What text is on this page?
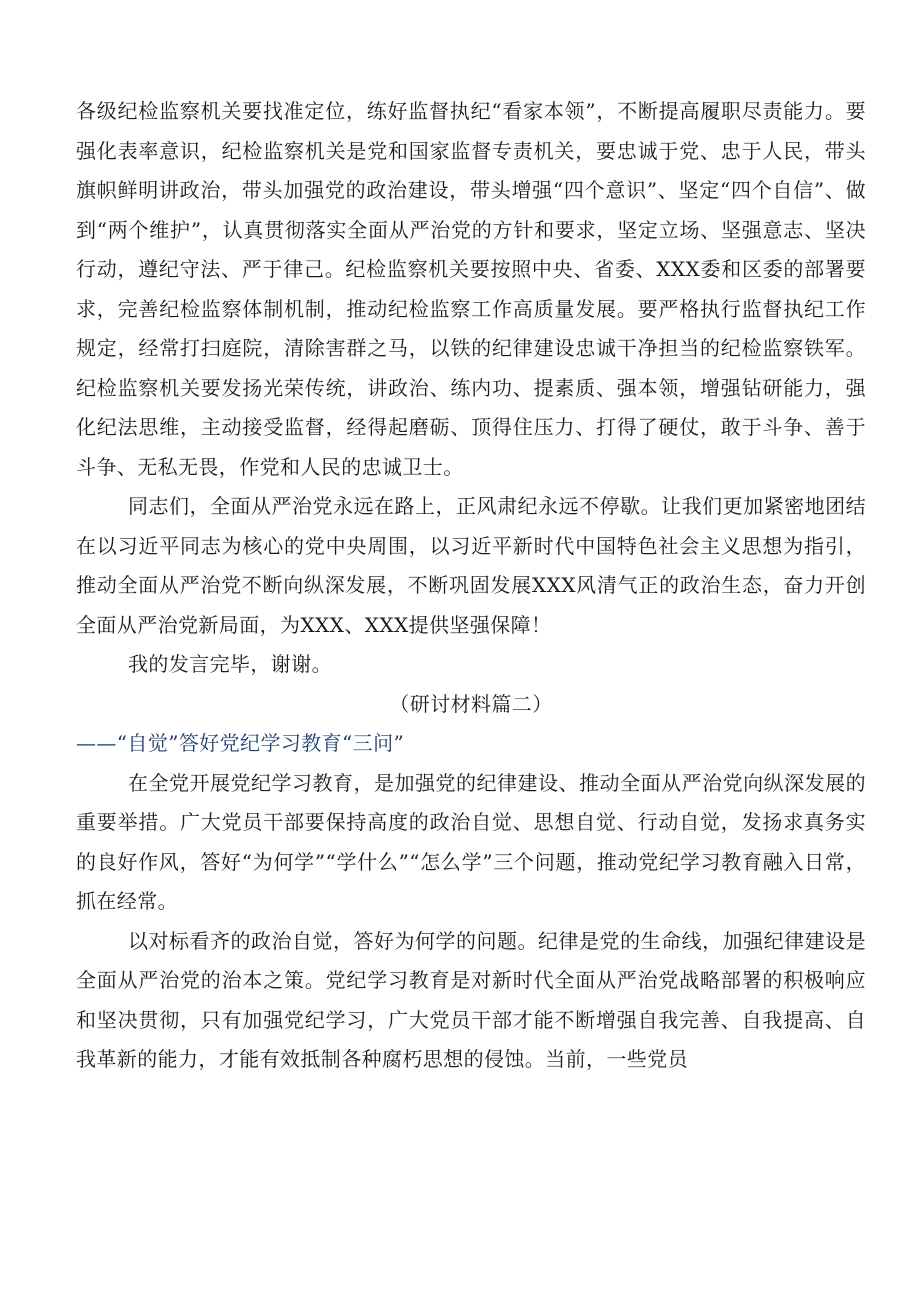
各级纪检监察机关要找准定位，练好监督执纪“看家本领”，不断提高履职尽责能力。要强化表率意识，纪检监察机关是党和国家监督专责机关，要忠诚于党、忠于人民，带头旗帜鲜明讲政治，带头加强党的政治建设，带头增强“四个意识”、坚定“四个自信”、做到“两个维护”，认真贯彻落实全面从严治党的方针和要求，坚定立场、坚强意志、坚决行动，遵纪守法、严于律己。纪检监察机关要按照中央、省委、XXX委和区委的部署要求，完善纪检监察体制机制，推动纪检监察工作高质量发展。要严格执行监督执纪工作规定，经常打扫庭院，清除害群之马，以铁的纪律建设忠诚干净担当的纪检监察铁军。纪检监察机关要发扬光荣传统，讲政治、练内功、提素质、强本领，增强钻研能力，强化纪法思维，主动接受监督，经得起磨砺、顶得住压力、打得了硬仗，敢于斗争、善于斗争、无私无畏，作党和人民的忠诚卫士。

同志们，全面从严治党永远在路上，正风肃纪永远不停歇。让我们更加紧密地团结在以习近平同志为核心的党中央周围，以习近平新时代中国特色社会主义思想为指引，推动全面从严治党不断向纵深发展，不断巩固发展XXX风清气正的政治生态，奋力开创全面从严治党新局面，为XXX、XXX提供坚强保障！

我的发言完毕，谢谢。

（研讨材料篇二）

——“自觉”答好党纪学习教育“三问”

在全党开展党纪学习教育，是加强党的纪律建设、推动全面从严治党向纵深发展的重要举措。广大党员干部要保持高度的政治自觉、思想自觉、行动自觉，发扬求真务实的良好作风，答好“为何学”“学什么”“怎么学”三个问题，推动党纪学习教育融入日常，抓在经常。

以对标看齐的政治自觉，答好为何学的问题。纪律是党的生命线，加强纪律建设是全面从严治党的治本之策。党纪学习教育是对新时代全面从严治党战略部署的积极响应和坚决贯彻，只有加强党纪学习，广大党员干部才能不断增强自我完善、自我提高、自我革新的能力，才能有效抵制各种腐朽思想的侵蚀。当前，一些党员
